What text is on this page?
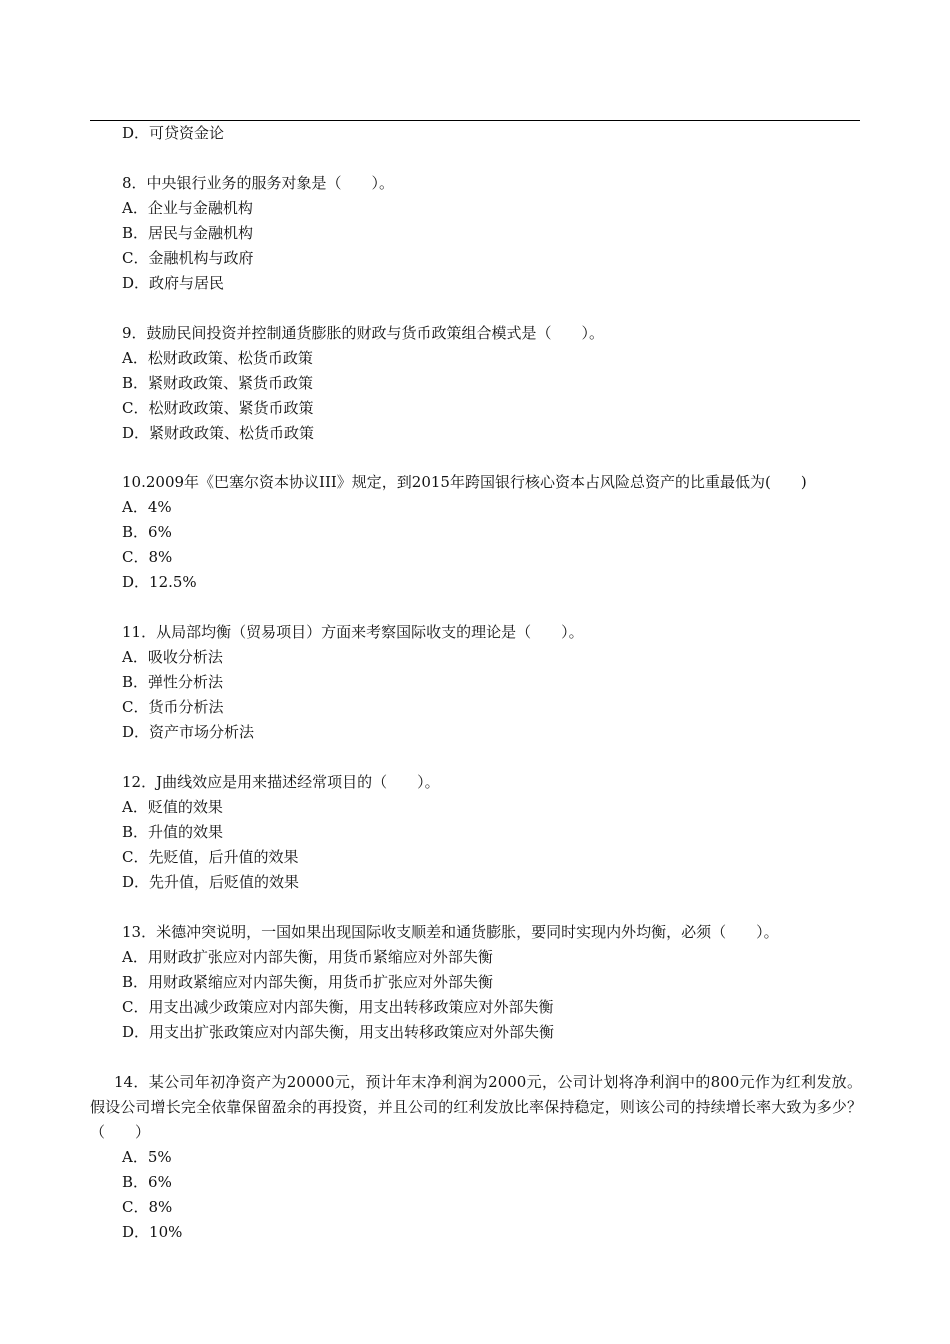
D．可贷资金论
8．中央银行业务的服务对象是（　　）。
A．企业与金融机构
B．居民与金融机构
C．金融机构与政府
D．政府与居民
9．鼓励民间投资并控制通货膨胀的财政与货币政策组合模式是（　　）。
A．松财政政策、松货币政策
B．紧财政政策、紧货币政策
C．松财政政策、紧货币政策
D．紧财政政策、松货币政策
10.2009年《巴塞尔资本协议III》规定，到2015年跨国银行核心资本占风险总资产的比重最低为(　　)
A．4%
B．6%
C．8%
D．12.5%
11．从局部均衡（贸易项目）方面来考察国际收支的理论是（　　）。
A．吸收分析法
B．弹性分析法
C．货币分析法
D．资产市场分析法
12．J曲线效应是用来描述经常项目的（　　）。
A．贬值的效果
B．升值的效果
C．先贬值，后升值的效果
D．先升值，后贬值的效果
13．米德冲突说明，一国如果出现国际收支顺差和通货膨胀，要同时实现内外均衡，必须（　　）。
A．用财政扩张应对内部失衡，用货币紧缩应对外部失衡
B．用财政紧缩应对内部失衡，用货币扩张应对外部失衡
C．用支出减少政策应对内部失衡，用支出转移政策应对外部失衡
D．用支出扩张政策应对内部失衡，用支出转移政策应对外部失衡
14．某公司年初净资产为20000元，预计年末净利润为2000元，公司计划将净利润中的800元作为红利发放。假设公司增长完全依靠保留盈余的再投资，并且公司的红利发放比率保持稳定，则该公司的持续增长率大致为多少？（　　）
A．5%
B．6%
C．8%
D．10%
